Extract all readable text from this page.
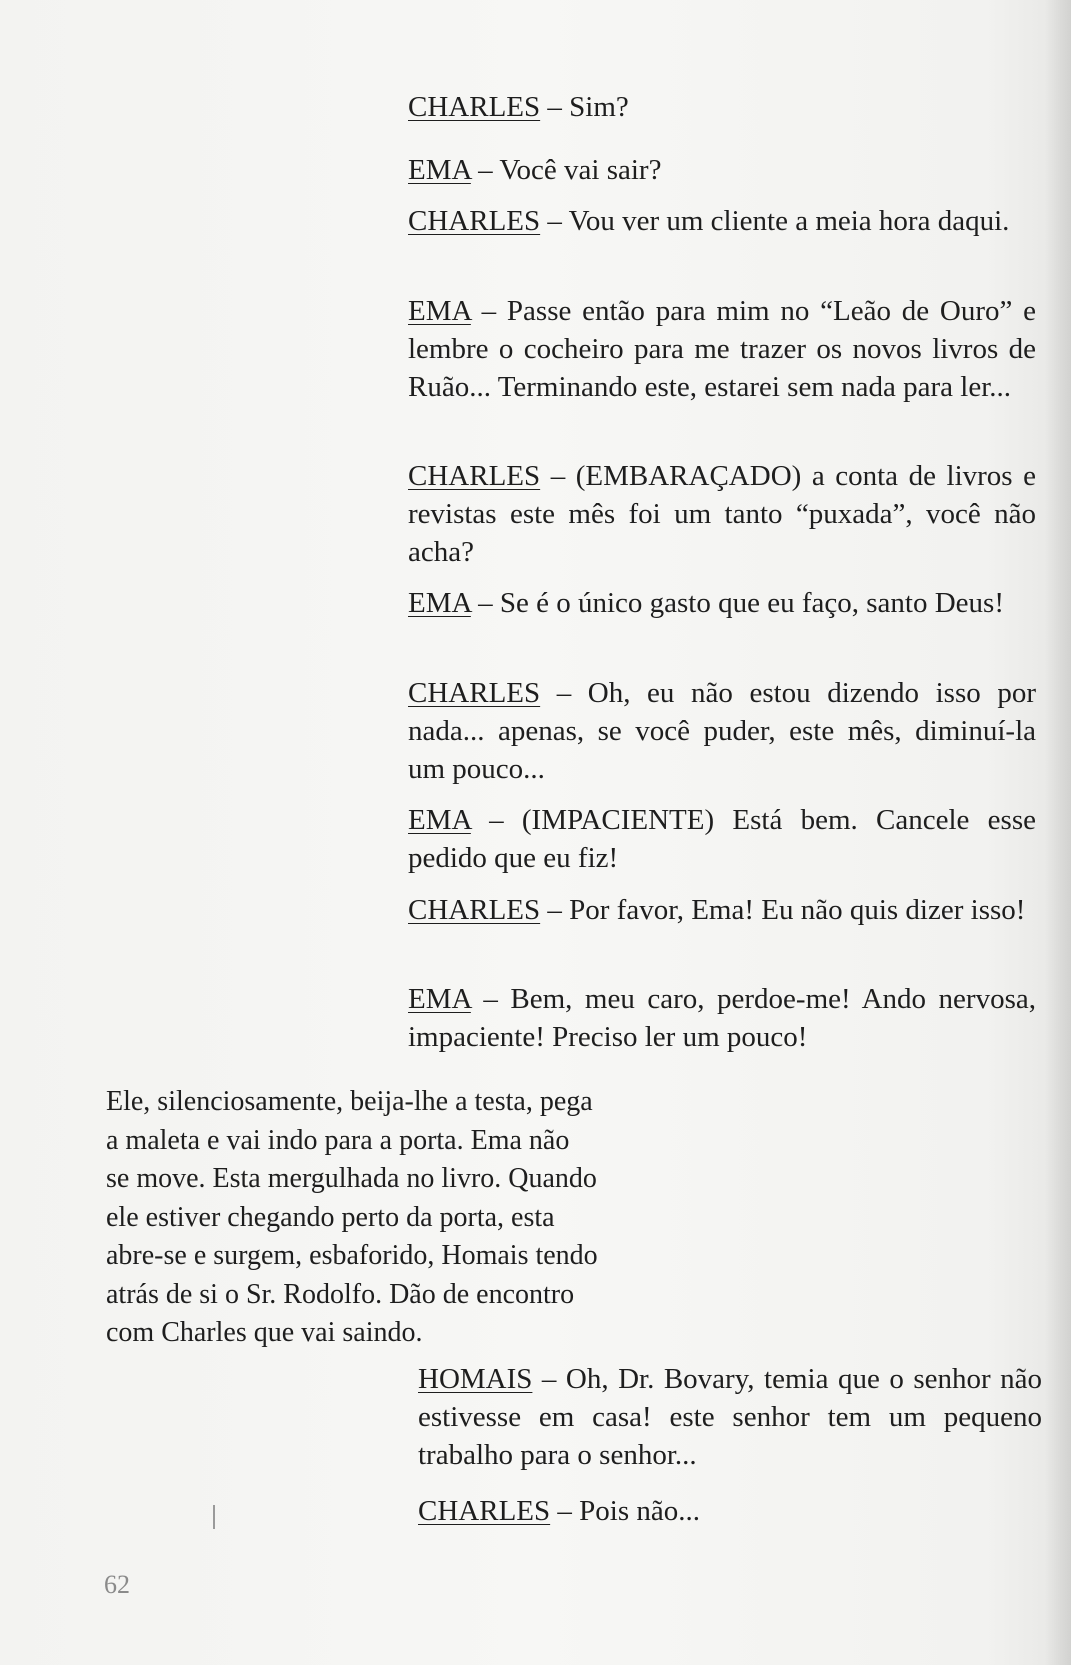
CHARLES – Sim?

EMA – Você vai sair?

CHARLES – Vou ver um cliente a meia hora daqui.

EMA – Passe então para mim no “Leão de Ouro” e lembre o cocheiro para me trazer os novos livros de Ruão... Terminando este, estarei sem nada para ler...

CHARLES – (EMBARAÇADO) a conta de livros e revistas este mês foi um tanto “puxada”, você não acha?

EMA – Se é o único gasto que eu faço, santo Deus!

CHARLES – Oh, eu não estou dizendo isso por nada... apenas, se você puder, este mês, diminuí-la um pouco...

EMA – (IMPACIENTE) Está bem. Cancele esse pedido que eu fiz!

CHARLES – Por favor, Ema! Eu não quis dizer isso!

EMA – Bem, meu caro, perdoe-me! Ando nervosa, impaciente! Preciso ler um pouco!

Ele, silenciosamente, beija-lhe a testa, pega
a maleta e vai indo para a porta. Ema não
se move. Esta mergulhada no livro. Quando
ele estiver chegando perto da porta, esta
abre-se e surgem, esbaforido, Homais tendo
atrás de si o Sr. Rodolfo. Dão de encontro
com Charles que vai saindo.

HOMAIS – Oh, Dr. Bovary, temia que o senhor não estivesse em casa! este senhor tem um pequeno trabalho para o senhor...

CHARLES – Pois não...

62
